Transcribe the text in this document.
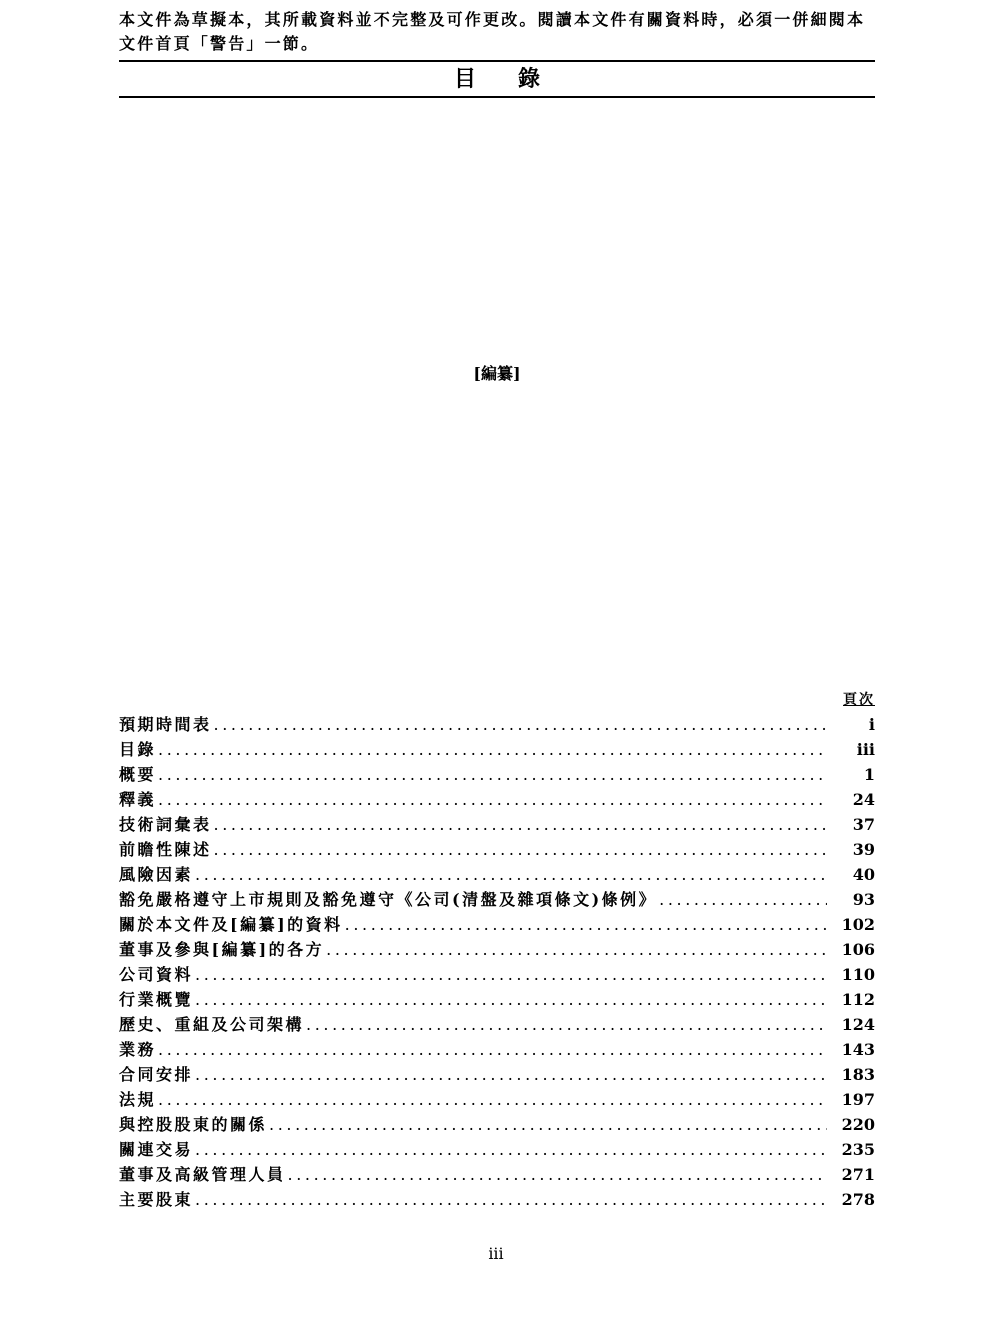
本文件為草擬本，其所載資料並不完整及可作更改。閱讀本文件有關資料時，必須一併細閱本文件首頁「警告」一節。

目錄
[編纂]
頁次
預期時間表 .....	i
目錄 .....	iii
概要 .....	1
釋義 .....	24
技術詞彙表 .....	37
前瞻性陳述 .....	39
風險因素 .....	40
豁免嚴格遵守上市規則及豁免遵守《公司(清盤及雜項條文)條例》 .....	93
關於本文件及[編纂]的資料 .....	102
董事及參與[編纂]的各方 .....	106
公司資料 .....	110
行業概覽 .....	112
歷史、重組及公司架構 .....	124
業務 .....	143
合同安排 .....	183
法規 .....	197
與控股股東的關係 .....	220
關連交易 .....	235
董事及高級管理人員 .....	271
主要股東 .....	278
iii
